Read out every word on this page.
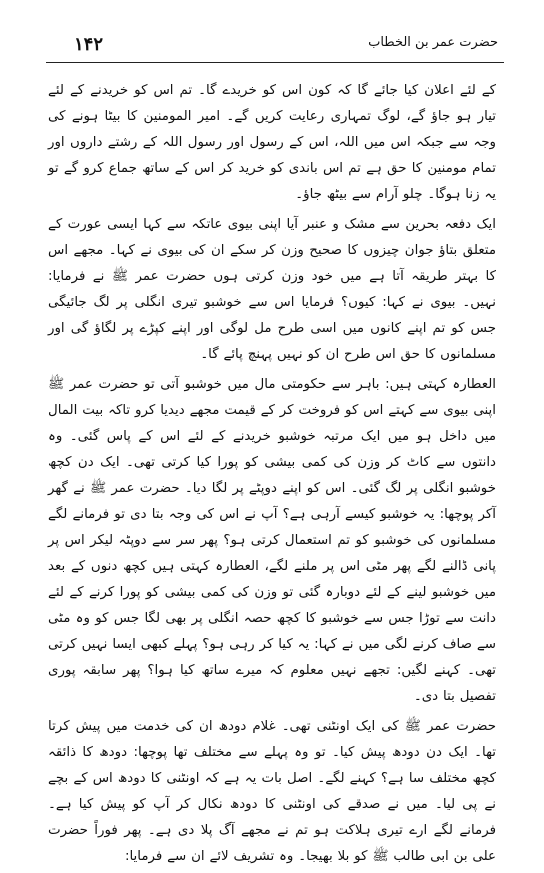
۱۴۲	حضرت عمر بن الخطاب

کے لئے اعلان کیا جائے گا کہ کون اس کو خریدے گا۔ تم اس کو خریدنے کے لئے تیار ہو جاؤ گے، لوگ تمہاری رعایت کریں گے۔ امیر المومنین کا بیٹا ہونے کی وجہ سے جبکہ اس میں اللہ، اس کے رسول اور رسول اللہ کے رشتے داروں اور تمام مومنین کا حق ہے تم اس باندی کو خرید کر اس کے ساتھ جماع کرو گے تو یہ زنا ہوگا۔ چلو آرام سے بیٹھ جاؤ۔

ایک دفعہ بحرین سے مشک و عنبر آیا اپنی بیوی عاتکہ سے کہا ایسی عورت کے متعلق بتاؤ جوان چیزوں کا صحیح وزن کر سکے ان کی بیوی نے کہا۔ مجھے اس کا بہتر طریقہ آتا ہے میں خود وزن کرتی ہوں حضرت عمر ﷺ نے فرمایا: نہیں۔ بیوی نے کہا: کیوں؟ فرمایا اس سے خوشبو تیری انگلی پر لگ جائیگی جس کو تم اپنے کانوں میں اسی طرح مل لوگی اور اپنے کپڑے پر لگاؤ گی اور مسلمانوں کا حق اس طرح ان کو نہیں پہنچ پائے گا۔

العطارہ کہتی ہیں: باہر سے حکومتی مال میں خوشبو آتی تو حضرت عمر ﷺ اپنی بیوی سے کہتے اس کو فروخت کر کے قیمت مجھے دیدیا کرو تاکہ بیت المال میں داخل ہو میں ایک مرتبہ خوشبو خریدنے کے لئے اس کے پاس گئی۔ وہ دانتوں سے کاٹ کر وزن کی کمی بیشی کو پورا کیا کرتی تھی۔ ایک دن کچھ خوشبو انگلی پر لگ گئی۔ اس کو اپنے دوپٹے پر لگا دیا۔ حضرت عمر ﷺ نے گھر آکر پوچھا: یہ خوشبو کیسے آرہی ہے؟ آپ نے اس کی وجہ بتا دی تو فرمانے لگے مسلمانوں کی خوشبو کو تم استعمال کرتی ہو؟ پھر سر سے دوپٹہ لیکر اس پر پانی ڈالنے لگے پھر مٹی اس پر ملنے لگے، العطارہ کہتی ہیں کچھ دنوں کے بعد میں خوشبو لینے کے لئے دوبارہ گئی تو وزن کی کمی بیشی کو پورا کرنے کے لئے دانت سے توڑا جس سے خوشبو کا کچھ حصہ انگلی پر بھی لگا جس کو وہ مٹی سے صاف کرنے لگی میں نے کہا: یہ کیا کر رہی ہو؟ پہلے کبھی ایسا نہیں کرتی تھی۔ کہنے لگیں: تجھے نہیں معلوم کہ میرے ساتھ کیا ہوا؟ پھر سابقہ پوری تفصیل بتا دی۔

حضرت عمر ﷺ کی ایک اونٹنی تھی۔ غلام دودھ ان کی خدمت میں پیش کرتا تھا۔ ایک دن دودھ پیش کیا۔ تو وہ پہلے سے مختلف تھا پوچھا: دودھ کا ذائقہ کچھ مختلف سا ہے؟ کہنے لگے۔ اصل بات یہ ہے کہ اونٹنی کا دودھ اس کے بچے نے پی لیا۔ میں نے صدقے کی اونٹنی کا دودھ نکال کر آپ کو پیش کیا ہے۔ فرمانے لگے ارے تیری ہلاکت ہو تم نے مجھے آگ پلا دی ہے۔ پھر فوراً حضرت علی بن ابی طالب ﷺ کو بلا بھیجا۔ وہ تشریف لائے ان سے فرمایا:
